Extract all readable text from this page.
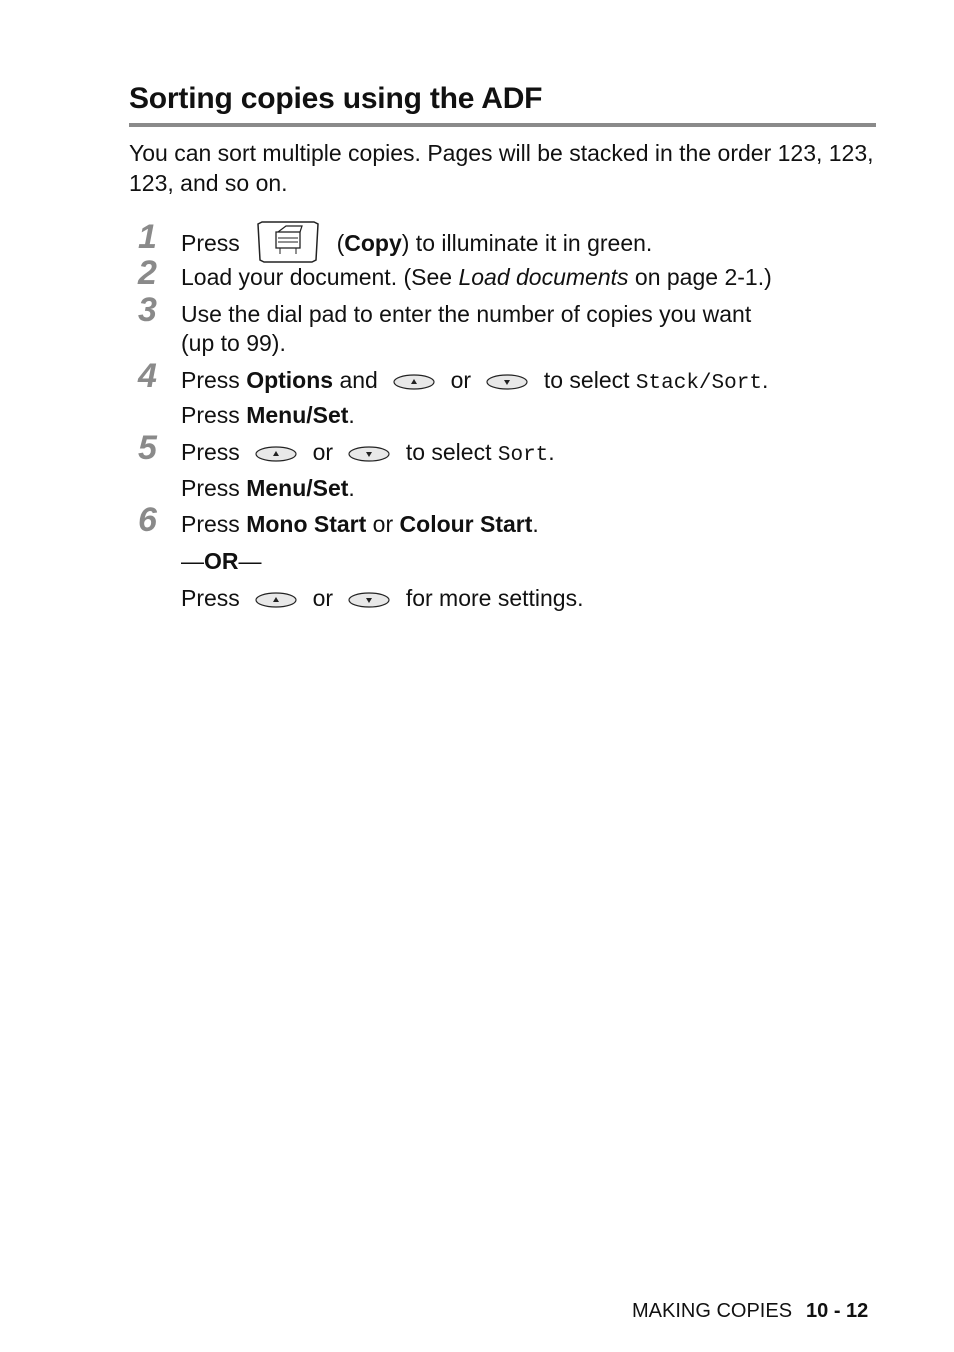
Sorting copies using the ADF

You can sort multiple copies. Pages will be stacked in the order 123, 123, 123, and so on.

1 Press	(Copy) to illuminate it in green.
2 Load your document. (See Load documents on page 2-1.)
3 Use the dial pad to enter the number of copies you want
(up to 99).
4 Press Options and	or	to select Stack/Sort.
Press Menu/Set.
5 Press	or	to select Sort.
Press Menu/Set.
6 Press Mono Start or Colour Start.
—OR—
Press	or	for more settings.
MAKING COPIES 10 - 12
